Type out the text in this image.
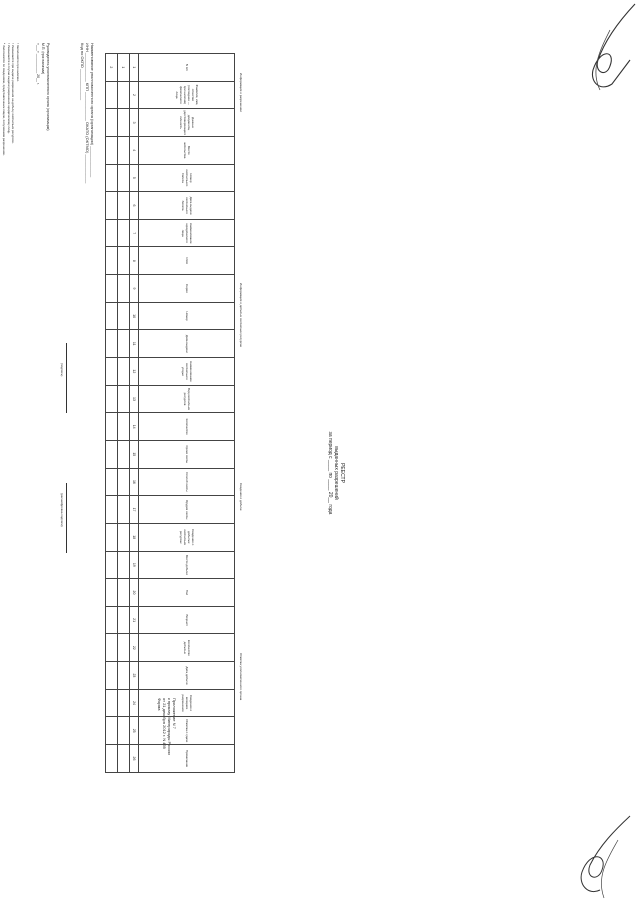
Наименование уполномоченного органа (организации) ______________
ИНН _____________ КПП _____________ ОКАТО (ОКТМО) _____________
Код по ОКПО ______________
Приложение N 7
к приказу Минприроды России
от 21 декабря 2012 г. N 459
Форма
РЕЕСТР
выданных разрешений
за период с ____ по ____ 20__ года
N п/п	Фамилия, имя, отчество (последнее — при наличии) физического лица	Данные документа, удостоверяющего личность	Место жительства	Номер охотничьего билета	Дата выдачи охотничьего билета	Наименование юридического лица	ИНН	Серия	Номер	Дата выдачи	Наименование охотничьего угодья	Вид охотничьих ресурсов	Количество	Сроки охоты	Способ охоты	Орудия охоты	Сведения о добытых охотничьих ресурсах	Место добычи	Пол	Возраст	Количество добытых	Дата добычи	Сведения о возврате разрешения	Отметка о сдаче	Примечание
1	2	3	4	5	6	7	8	9	10	11	12	13	14	15	16	17	18	19	20	21	22	23	24	25	26
1																									
2																									
Информация о разрешении
Информация о добытых охотничьих ресурсах
Сведения о добыче
Отметка уполномоченного органа
Руководитель уполномоченного органа (организации)
М.П. (при наличии)
«___» __________ 20__ г.
(подпись)
(расшифровка подписи)
¹ Заполняется при наличии.
² Указывается при выдаче разрешения на добычу охотничьих ресурсов.
³ Указывается в случае выдачи разрешения юридическому лицу.
⁴ Заполняется по сведениям, представленным лицом, получившим разрешение.
